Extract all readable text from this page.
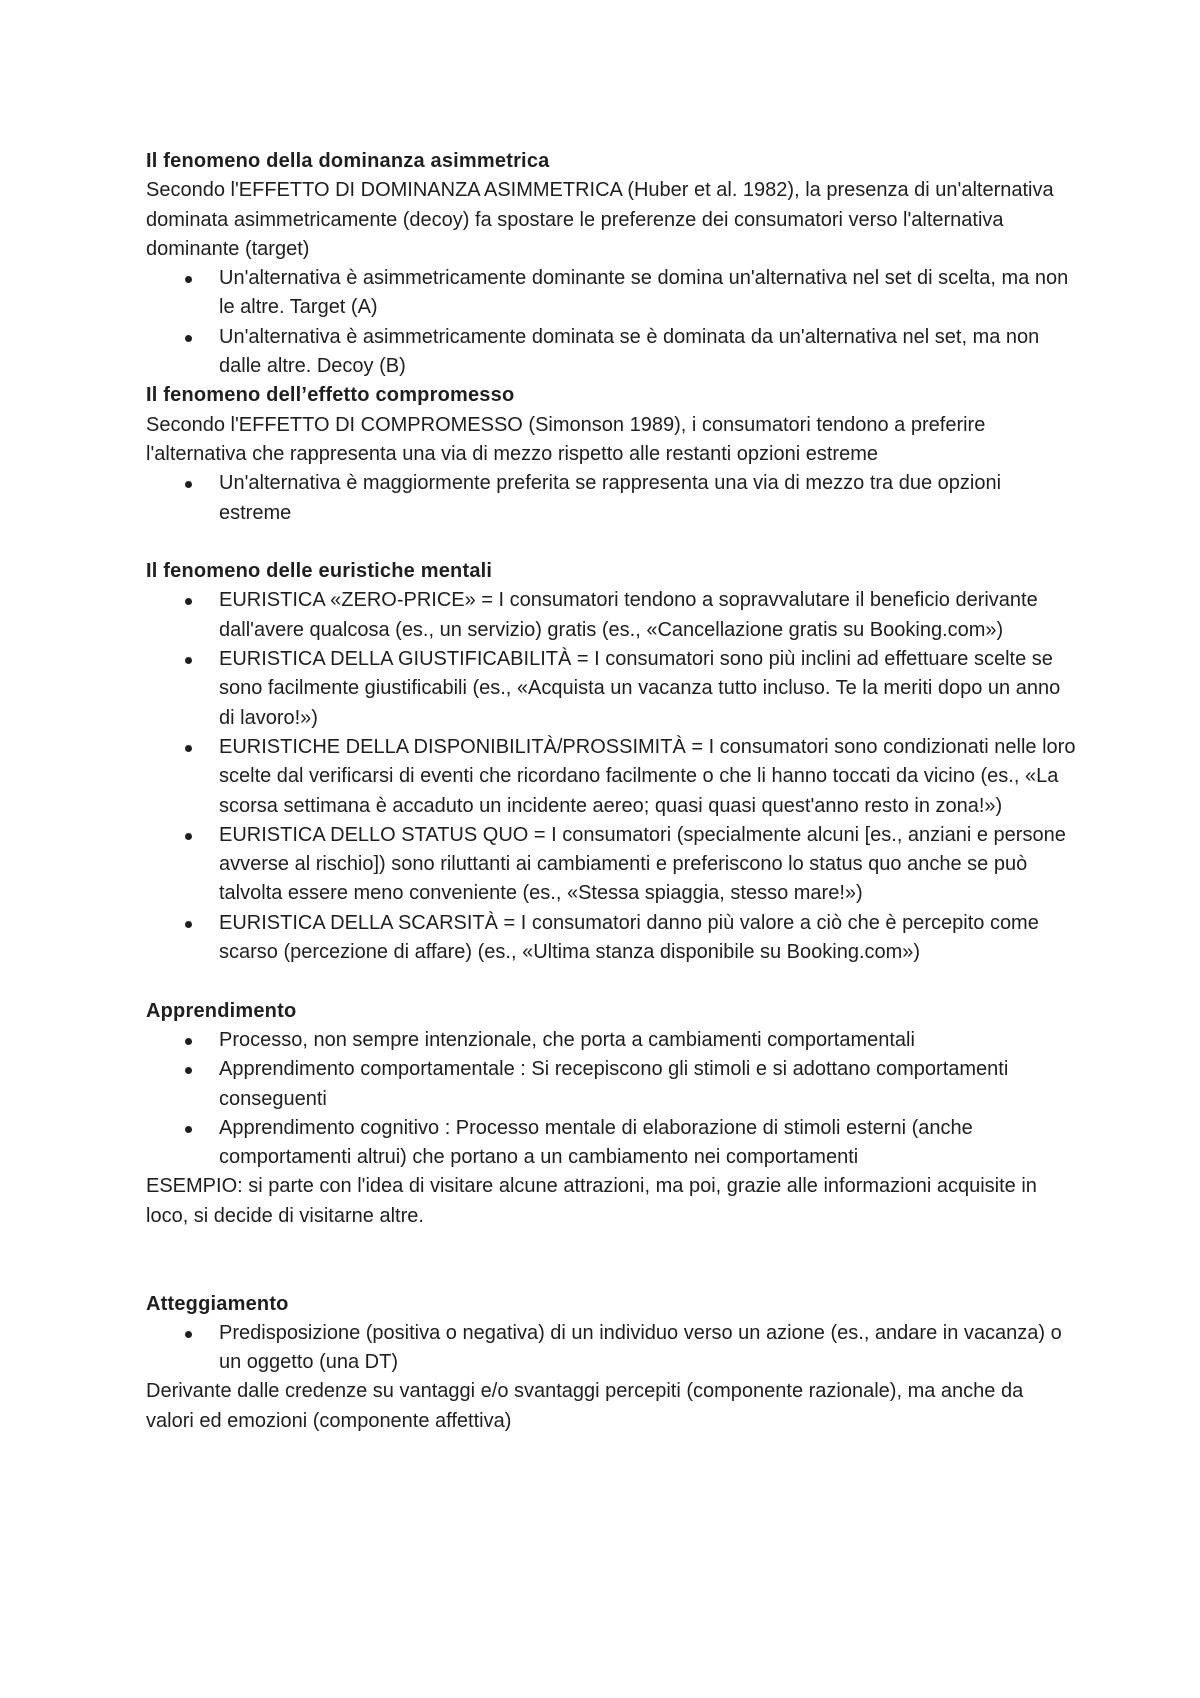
Il fenomeno della dominanza asimmetrica

Secondo l'EFFETTO DI DOMINANZA ASIMMETRICA (Huber et al. 1982), la presenza di un'alternativa dominata asimmetricamente (decoy) fa spostare le preferenze dei consumatori verso l'alternativa dominante (target)

Un'alternativa è asimmetricamente dominante se domina un'alternativa nel set di scelta, ma non le altre. Target (A)
Un'alternativa è asimmetricamente dominata se è dominata da un'alternativa nel set, ma non dalle altre. Decoy (B)
Il fenomeno dell’effetto compromesso

Secondo l'EFFETTO DI COMPROMESSO (Simonson 1989), i consumatori tendono a preferire l'alternativa che rappresenta una via di mezzo rispetto alle restanti opzioni estreme

Un'alternativa è maggiormente preferita se rappresenta una via di mezzo tra due opzioni estreme
Il fenomeno delle euristiche mentali
EURISTICA «ZERO-PRICE» = I consumatori tendono a sopravvalutare il beneficio derivante dall'avere qualcosa (es., un servizio) gratis (es., «Cancellazione gratis su Booking.com»)
EURISTICA DELLA GIUSTIFICABILITÀ = I consumatori sono più inclini ad effettuare scelte se sono facilmente giustificabili (es., «Acquista un vacanza tutto incluso. Te la meriti dopo un anno di lavoro!»)
EURISTICHE DELLA DISPONIBILITÀ/PROSSIMITÀ = I consumatori sono condizionati nelle loro scelte dal verificarsi di eventi che ricordano facilmente o che li hanno toccati da vicino (es., «La scorsa settimana è accaduto un incidente aereo; quasi quasi quest'anno resto in zona!»)
EURISTICA DELLO STATUS QUO = I consumatori (specialmente alcuni [es., anziani e persone avverse al rischio]) sono riluttanti ai cambiamenti e preferiscono lo status quo anche se può talvolta essere meno conveniente (es., «Stessa spiaggia, stesso mare!»)
EURISTICA DELLA SCARSITÀ = I consumatori danno più valore a ciò che è percepito come scarso (percezione di affare) (es., «Ultima stanza disponibile su Booking.com»)
Apprendimento
Processo, non sempre intenzionale, che porta a cambiamenti comportamentali
Apprendimento comportamentale : Si recepiscono gli stimoli e si adottano comportamenti conseguenti
Apprendimento cognitivo : Processo mentale di elaborazione di stimoli esterni (anche comportamenti altrui) che portano a un cambiamento nei comportamenti

ESEMPIO: si parte con l'idea di visitare alcune attrazioni, ma poi, grazie alle informazioni acquisite in loco, si decide di visitarne altre.

Atteggiamento
Predisposizione (positiva o negativa) di un individuo verso un azione (es., andare in vacanza) o un oggetto (una DT)

Derivante dalle credenze su vantaggi e/o svantaggi percepiti (componente razionale), ma anche da valori ed emozioni (componente affettiva)
